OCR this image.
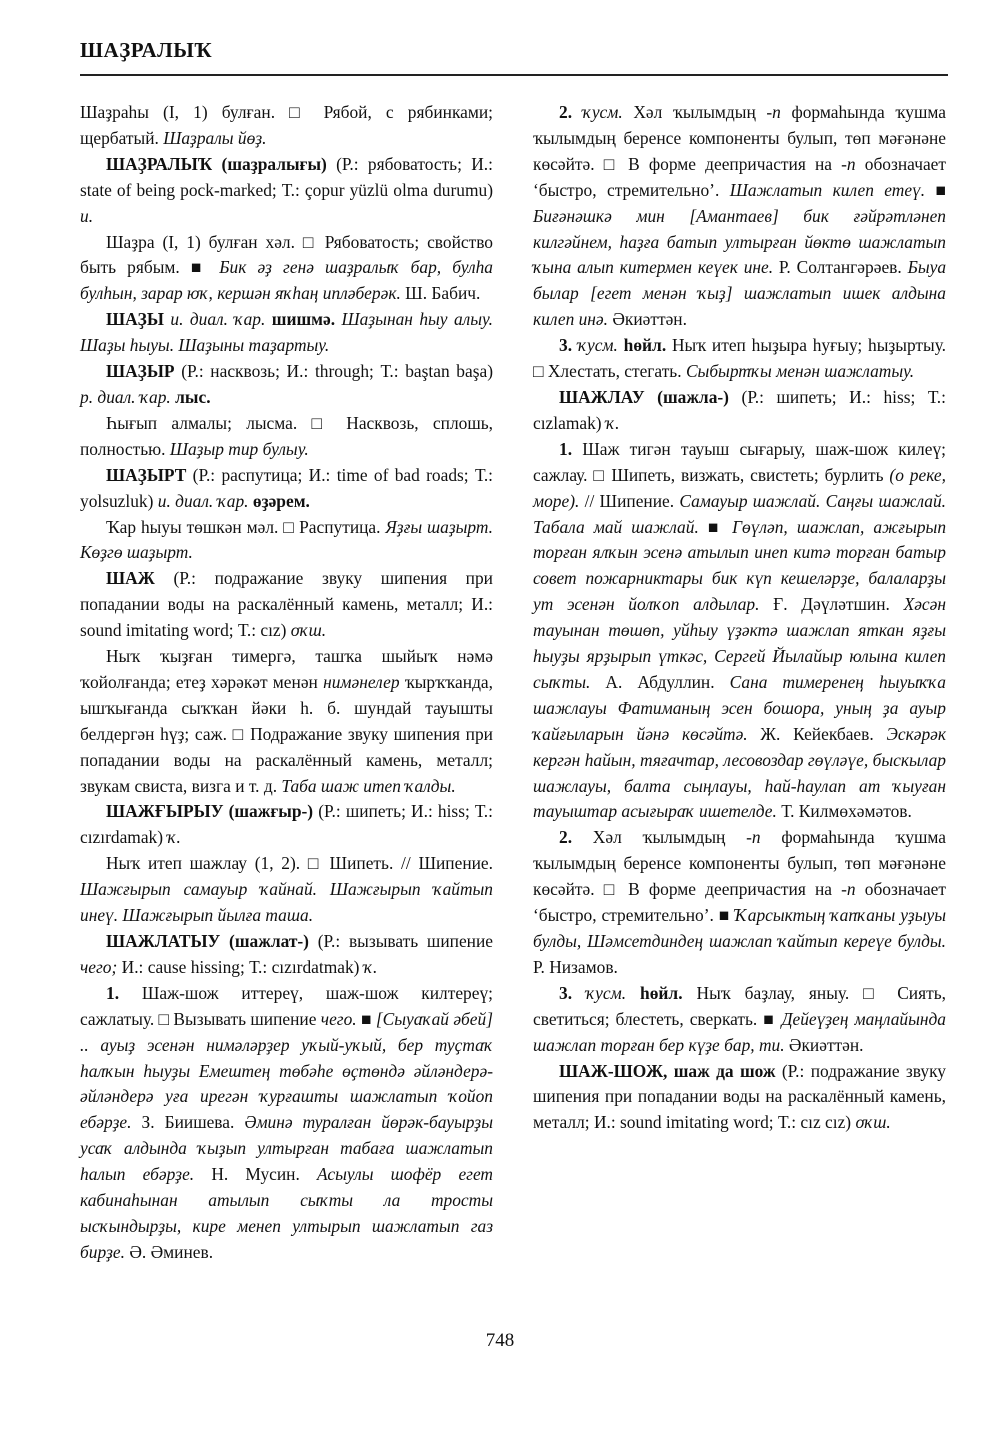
ШАҘРАЛЫҠ

Шаҙраһы (I, 1) булған. □ Рябой, с рябинками; щербатый. Шаҙралы йөҙ.

ШАҘРАЛЫҠ (шаҙралығы) (Р.: рябоватость; И.: state of being pock-marked; Т.: çopur yüzlü olma durumu) и.

Шаҙра (I, 1) булған хәл. □ Рябоватость; свойство быть рябым. ■ Бик әҙ генә шаҙралыҡ бар, булһа булһын, зарар юҡ, кершән яҡһаң ипләберәк. Ш. Бабич.

ШАҘЫ и. диал. ҡар. шишмә. Шаҙынан һыу алыу. Шаҙы һыуы. Шаҙыны таҙартыу.

ШАҘЫР (Р.: насквозь; И.: through; Т.: baştan başa) р. диал. ҡар. лыс.

Һығып алмалы; лысма. □ Насквозь, сплошь, полностью. Шаҙыр тир булыу.

ШАҘЫРТ (Р.: распутица; И.: time of bad roads; Т.: yolsuzluk) и. диал. ҡар. өҙәрем.

Ҡар һыуы төшкән мәл. □ Распутица. Яҙғы шаҙырт. Көҙгө шаҙырт.

ШАЖ (Р.: подражание звуку шипения при попадании воды на раскалённый камень, металл; И.: sound imitating word; Т.: cız) оҡш.

Ныҡ ҡыҙған тимергә, ташҡа шыйыҡ нәмә ҡойолғанда; етеҙ хәрәкәт менән нимәнелер ҡырҡҡанда, ышҡығанда сыҡҡан йәки h. б. шундай тауышты белдергән һүҙ; саж. □ Подражание звуку шипения при попадании воды на раскалённый камень, металл; звукам свиста, визга и т. д. Таба шаж итеп ҡалды.

ШАЖҒЫРЫУ (шажғыр-) (Р.: шипеть; И.: hiss; Т.: cızırdamak) ҡ.

Ныҡ итеп шажлау (1, 2). □ Шипеть. // Шипение. Шажғырып самауыр ҡайнай. Шажғырып ҡайтып инеү. Шажғырып йылға таша.

ШАЖЛАТЫУ (шажлат-) (Р.: вызывать шипение чего; И.: cause hissing; Т.: cızırdatmak) ҡ.

1. Шаж-шож иттереү, шаж-шож килтереү; сажлатыу. □ Вызывать шипение чего. ■ [Сыуаҡай әбей] .. ауыҙ эсенән нимәләрҙер уҡый-уҡый, бер туҫтаҡ һалҡын һыуҙы Емештең төбәһе өҫтөндә әйләндерә-әйләндерә уға ирегән ҡурғашты шажлатып ҡойоп ебәрҙе. З. Биишева. Әминә туралған йөрәк-бауырҙы усаҡ алдында ҡыҙып ултырған табаға шажлатып һалып ебәрҙе. Н. Мусин. Асыулы шофёр егет кабинаһынан атылып сыҡты ла тросты ысҡындырҙы, кире менеп ултырып шажлатып газ бирҙе. Ә. Әминев.

2. ҡусм. Хәл ҡылымдың -п формаһында ҡушма ҡылымдың беренсе компоненты булып, төп мәғәнәне көсәйтә. □ В форме деепричастия на -п обозначает ‘быстро, стремительно’. Шажлатып килеп етеү. ■ Биғәнәшкә мин [Амантаев] бик ғәйрәтләнеп килгәйнем, һаҙға батып ултырған йөктө шажлатып ҡына алып китермен кеүек ине. Р. Солтангәрәев. Быуа былар [егет менән ҡыҙ] шажлатып ишек алдына килеп инә. Әкиәттән.

3. ҡусм. һөйл. Ныҡ итеп һыҙыра һуғыу; һыҙыртыу. □ Хлестать, стегать. Сыбыртҡы менән шажлатыу.

ШАЖЛАУ (шажла-) (Р.: шипеть; И.: hiss; Т.: cızlamak) ҡ.

1. Шаж тигән тауыш сығарыу, шаж-шож килеү; сажлау. □ Шипеть, визжать, свистеть; бурлить (о реке, море). // Шипение. Самауыр шажлай. Саңғы шажлай. Табала май шажлай. ■ Гөүләп, шажлап, ажғырып торған ялҡын эсенә атылып инеп китә торған батыр совет пожарниктары бик күп кешеләрҙе, балаларҙы ут эсенән йолҡоп алдылар. Ғ. Дәүләтшин. Хәсән тауынан төшөп, уйһыу үҙәктә шажлап яткан яҙғы һыуҙы ярҙырып үткәс, Сергей Йылайыр юлына килеп сыҡты. А. Абдуллин. Сана тимеренең һыуыҡҡа шажлауы Фатиманың эсен бошора, уның ҙа ауыр ҡайғыларын йәнә көсәйтә. Ж. Кейекбаев. Эскәрәк кергән һайын, тяғачтар, лесовоздар гөүләүе, быскылар шажлауы, балта сыңлауы, һай-һаулап ат ҡыуған тауыштар асығыраҡ ишетелде. Т. Килмөхәмәтов.

2. Хәл ҡылымдың -п формаһында ҡушма ҡылымдың беренсе компоненты булып, төп мәғәнәне көсәйтә. □ В форме деепричастия на -п обозначает ‘быстро, стремительно’. ■ Ҡарсыктың ҡапҡаны уҙыуы булды, Шәмсетдиндең шажлап ҡайтып кереүе булды. Р. Низамов.

3. ҡусм. һөйл. Ныҡ баҙлау, яныу. □ Сиять, светиться; блестеть, сверкать. ■ Дейеүҙең маңлайында шажлап торған бер күҙе бар, ти. Әкиәттән.

ШАЖ-ШОЖ, шаж да шож (Р.: подражание звуку шипения при попадании воды на раскалённый камень, металл; И.: sound imitating word; Т.: cız cız) оҡш.

748
